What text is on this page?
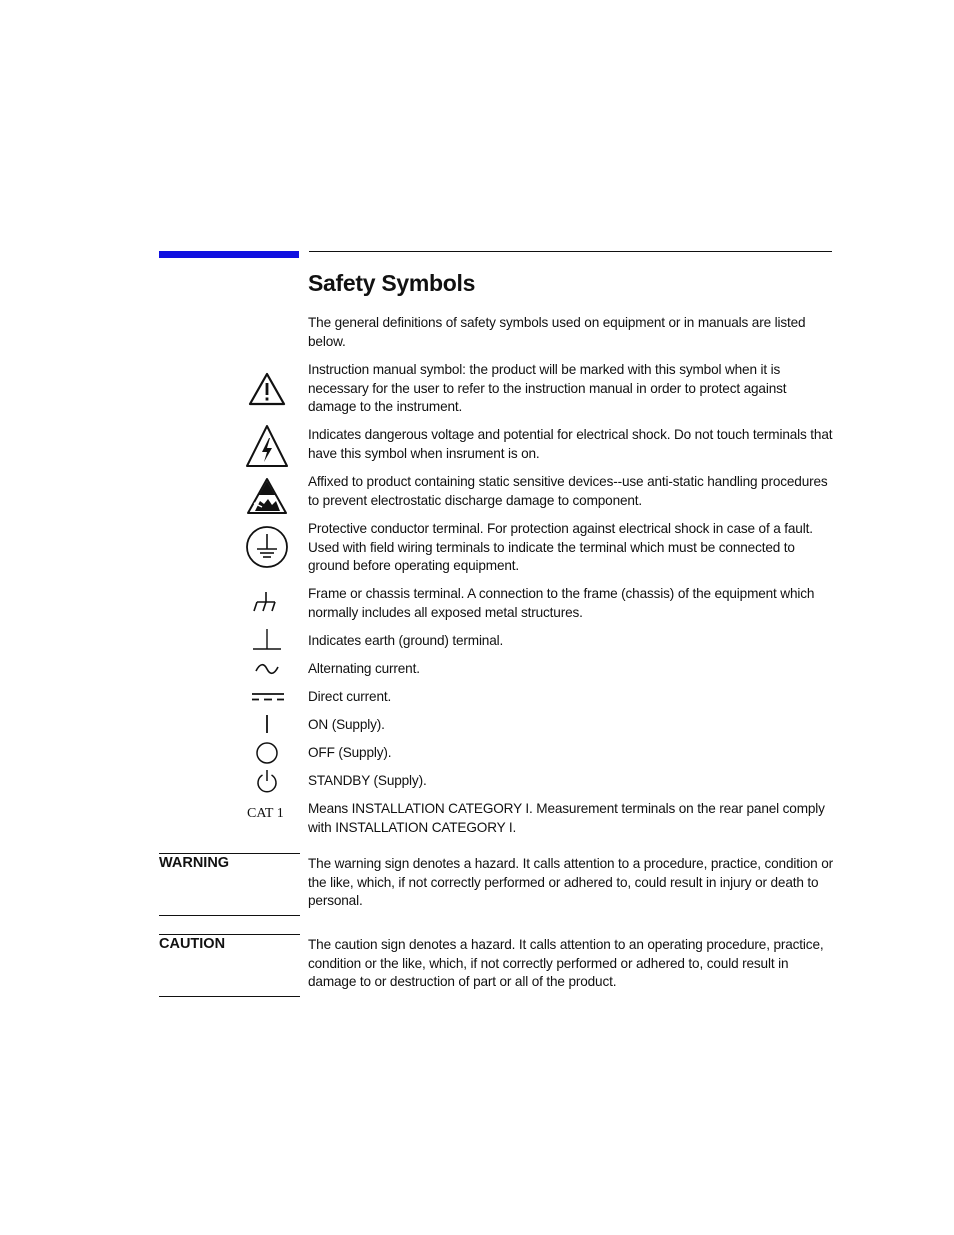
Safety Symbols
The general definitions of safety symbols used on equipment or in manuals are listed below.
Instruction manual symbol: the product will be marked with this symbol when it is necessary for the user to refer to the instruction manual in order to protect against damage to the instrument.
Indicates dangerous voltage and potential for electrical shock. Do not touch terminals that have this symbol when insrument is on.
Affixed to product containing static sensitive devices--use anti-static handling procedures to prevent electrostatic discharge damage to component.
Protective conductor terminal. For protection against electrical shock in case of a fault. Used with field wiring terminals to indicate the terminal which must be connected to ground before operating equipment.
Frame or chassis terminal. A connection to the frame (chassis) of the equipment which normally includes all exposed metal structures.
Indicates earth (ground) terminal.
Alternating current.
Direct current.
ON (Supply).
OFF (Supply).
STANDBY (Supply).
CAT 1 Means INSTALLATION CATEGORY I. Measurement terminals on the rear panel comply with INSTALLATION CATEGORY I.
WARNING	The warning sign denotes a hazard. It calls attention to a procedure, practice, condition or the like, which, if not correctly performed or adhered to, could result in injury or death to personal.
CAUTION	The caution sign denotes a hazard. It calls attention to an operating procedure, practice, condition or the like, which, if not correctly performed or adhered to, could result in damage to or destruction of part or all of the product.
